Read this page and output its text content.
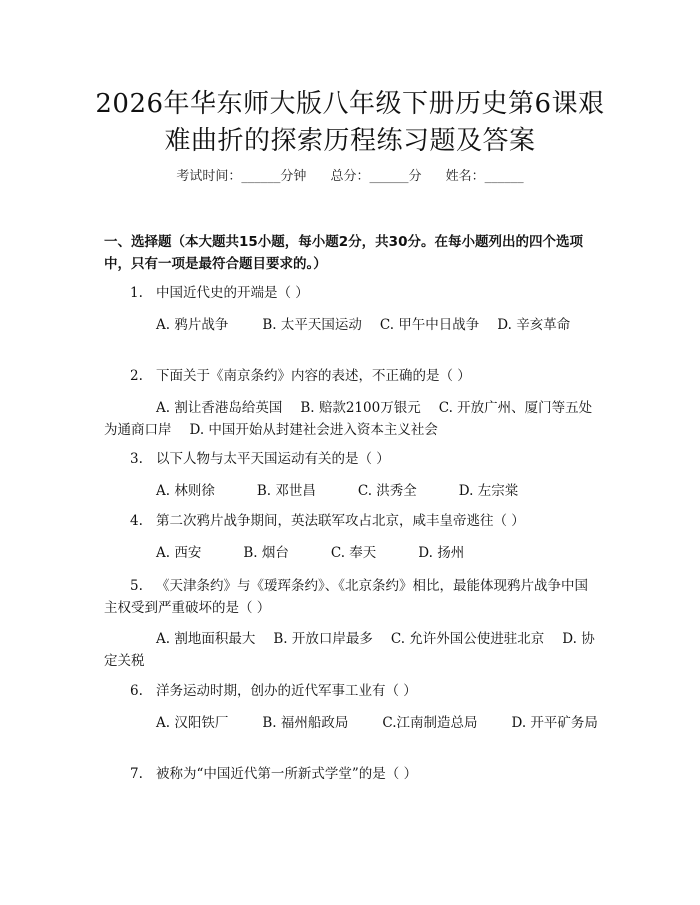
2026年华东师大版八年级下册历史第6课艰
难曲折的探索历程练习题及答案
考试时间：______分钟 总分：______分 姓名：______
一、选择题（本大题共15小题，每小题2分，共30分。在每小题列出的四个选项中，只有一项是最符合题目要求的。）
1. 中国近代史的开端是（ ）
A. 鸦片战争	B. 太平天国运动 C. 甲午中日战争 D. 辛亥革命
2. 下面关于《南京条约》内容的表述，不正确的是（ ）
A. 割让香港岛给英国 B. 赔款2100万银元 C. 开放广州、厦门等五处为通商口岸 D. 中国开始从封建社会进入资本主义社会
3. 以下人物与太平天国运动有关的是（ ）
A. 林则徐	B. 邓世昌	C. 洪秀全	D. 左宗棠
4. 第二次鸦片战争期间，英法联军攻占北京，咸丰皇帝逃往（ ）
A. 西安	B. 烟台	C. 奉天	D. 扬州
5. 《天津条约》与《瑷珲条约》、《北京条约》相比，最能体现鸦片战争中国主权受到严重破坏的是（ ）
A. 割地面积最大 B. 开放口岸最多 C. 允许外国公使进驻北京 D. 协定关税
6. 洋务运动时期，创办的近代军事工业有（ ）
A. 汉阳铁厂	B. 福州船政局	C.江南制造总局	D. 开平矿务局
7. 被称为“中国近代第一所新式学堂”的是（ ）
